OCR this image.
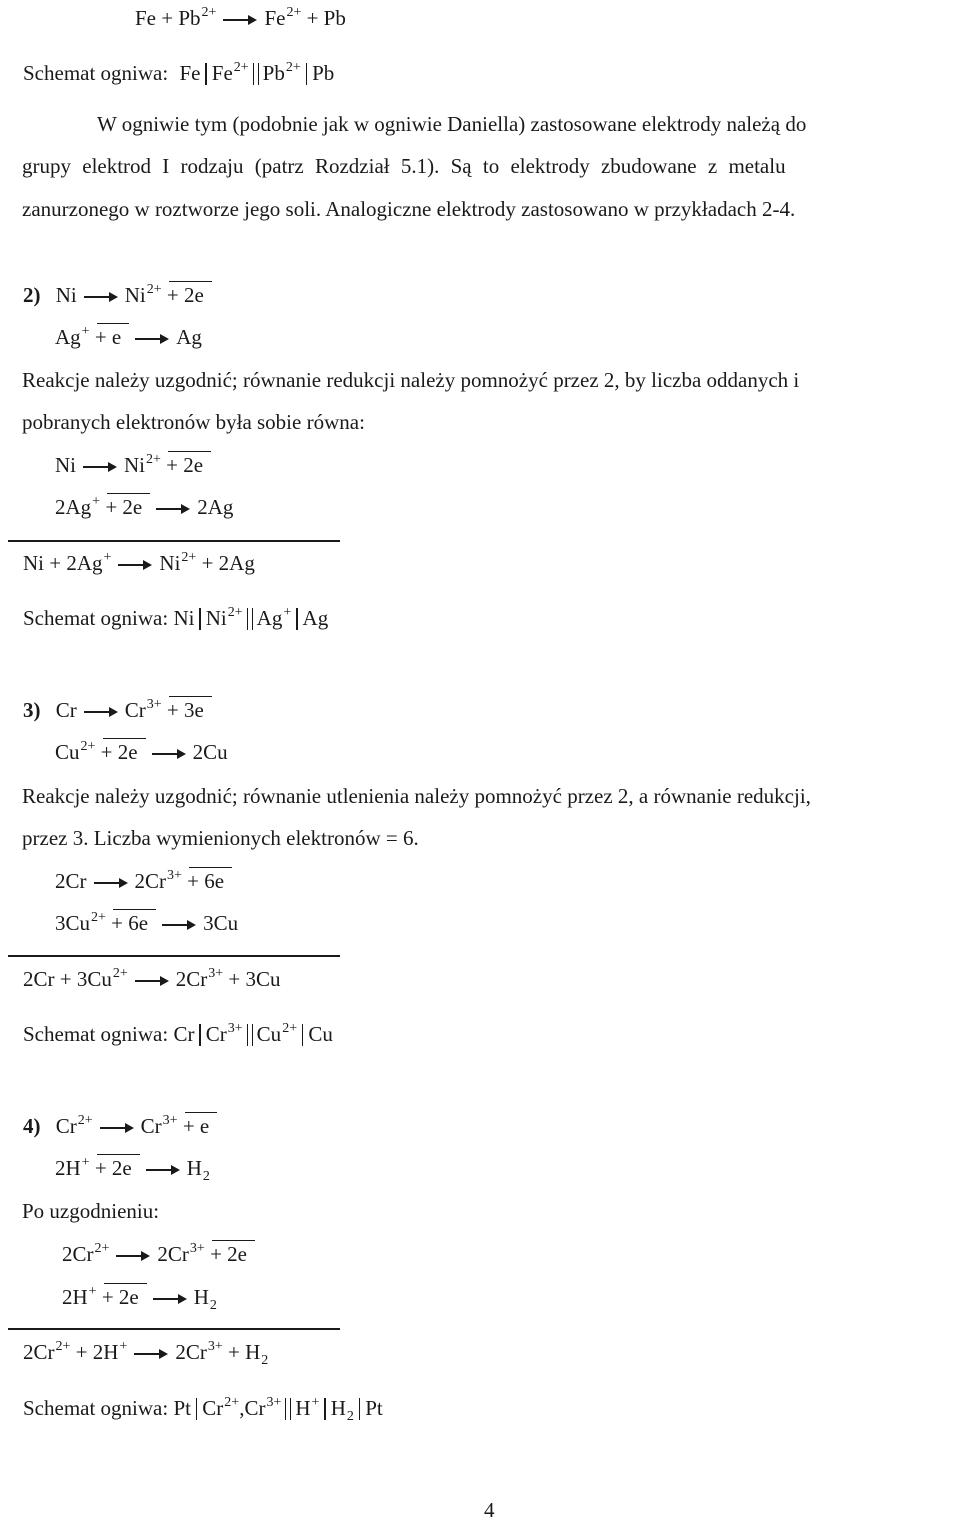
Fe + Pb2+ Fe2+ + Pb
Schemat ogniwa: Fe Fe2+ Pb2+ Pb
W ogniwie tym (podobnie jak w ogniwie Daniella) zastosowane elektrody należą do
grupy elektrod I rodzaju (patrz Rozdział 5.1). Są to elektrody zbudowane z metalu
zanurzonego w roztworze jego soli. Analogiczne elektrody zastosowano w przykładach 2-4.
2) Ni Ni2+ + 2e
Ag+ + e	Ag
Reakcje należy uzgodnić; równanie redukcji należy pomnożyć przez 2, by liczba oddanych i
pobranych elektronów była sobie równa:
Ni Ni2+ + 2e
2Ag+ + 2e	2Ag
Ni + 2Ag+ Ni2+ + 2Ag
Schemat ogniwa: Ni Ni2+ Ag+ Ag
3) Cr Cr3+ + 3e
Cu2+ + 2e	2Cu
Reakcje należy uzgodnić; równanie utlenienia należy pomnożyć przez 2, a równanie redukcji,
przez 3. Liczba wymienionych elektronów = 6.
2Cr 2Cr3+ + 6e
3Cu2+ + 6e	3Cu
2Cr + 3Cu2+ 2Cr3+ + 3Cu
Schemat ogniwa: Cr Cr3+ Cu2+ Cu
4) Cr2+ Cr3+ + e
2H+ + 2e	H2
Po uzgodnieniu:
2Cr2+ 2Cr3+ + 2e
2H+ + 2e	H2
2Cr2+ + 2H+ 2Cr3+ + H2
Schemat ogniwa: Pt Cr2+,Cr3+ H+ H2 Pt
4
